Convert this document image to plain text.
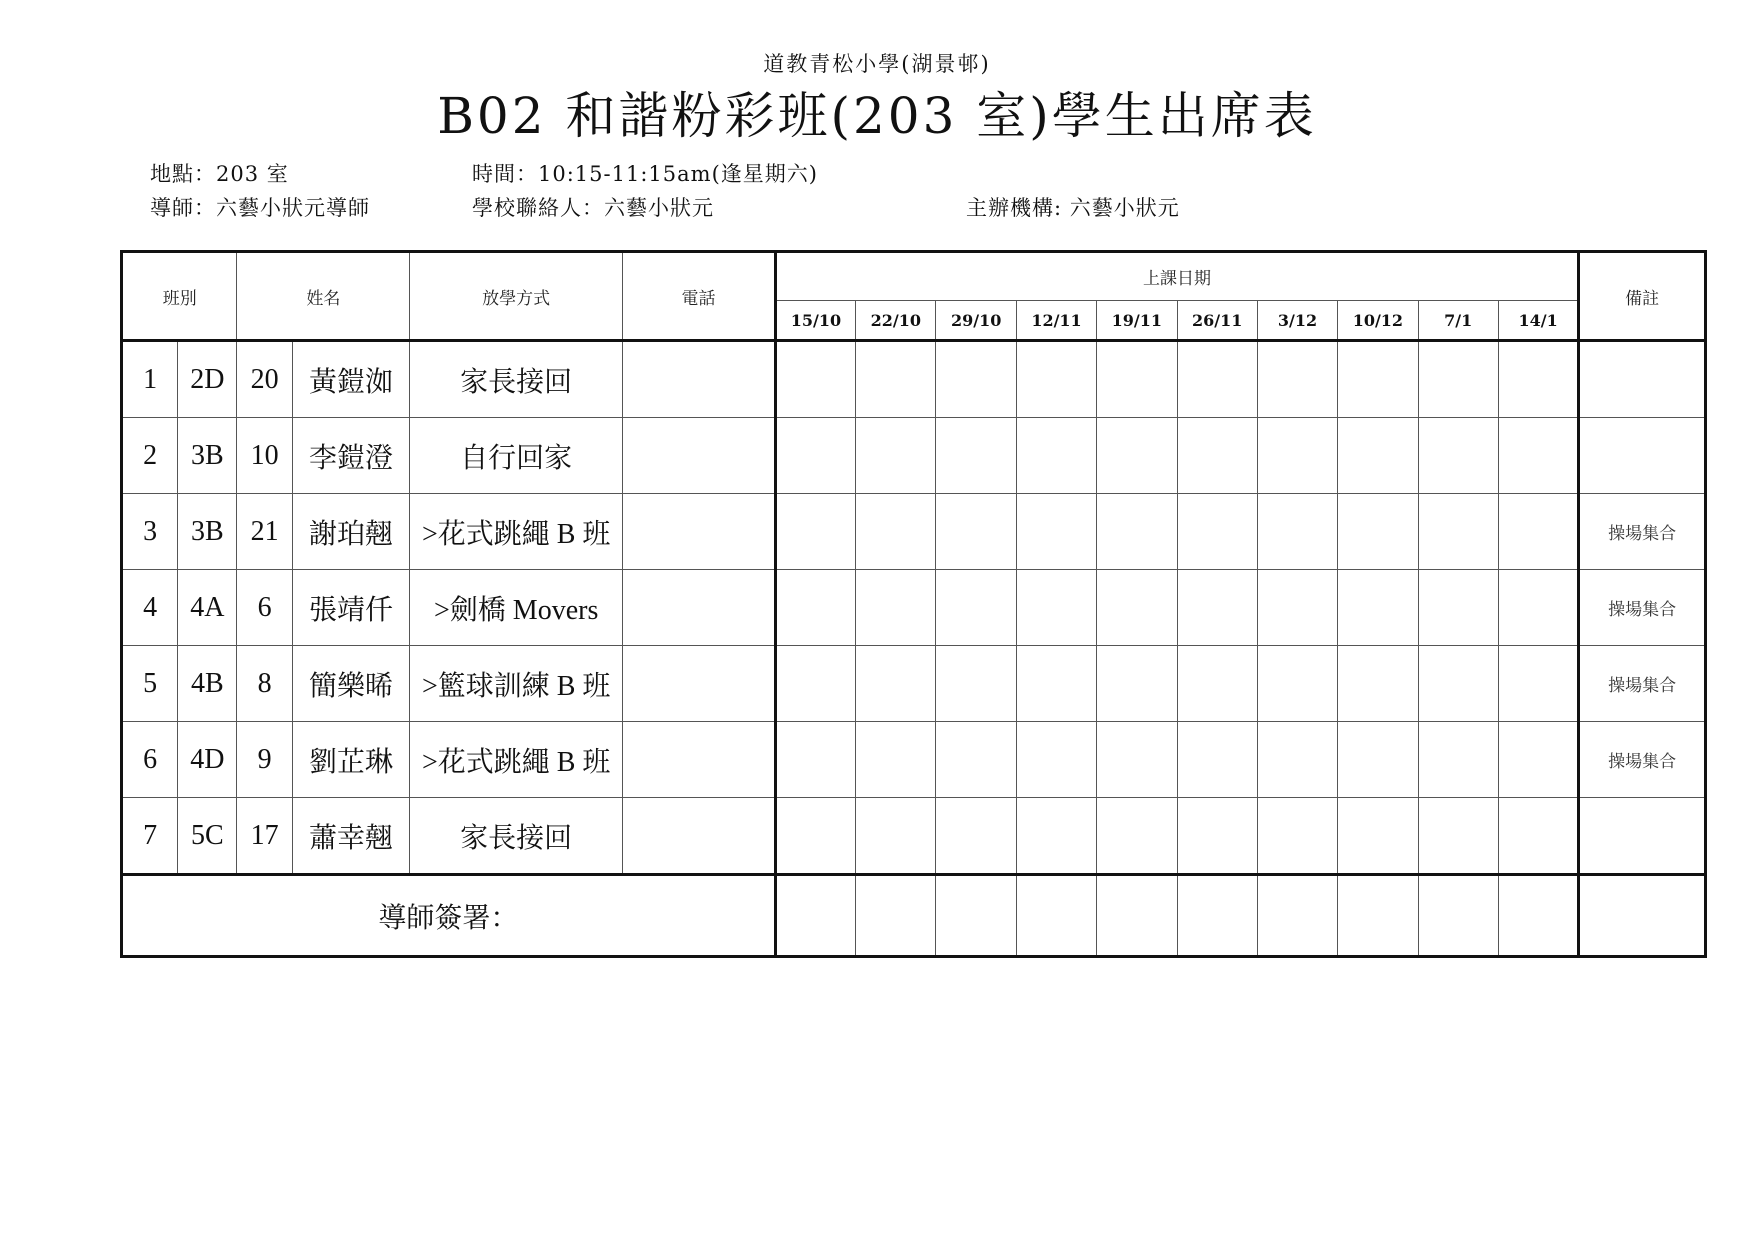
道教青松小學(湖景邨)
B02 和諧粉彩班(203 室)學生出席表
地點：203 室	時間：10:15-11:15am(逢星期六)
導師：六藝小狀元導師	學校聯絡人：六藝小狀元	主辦機構: 六藝小狀元
班別		姓名		放學方式	電話	上課日期										備註
						15/10	22/10	29/10	12/11	19/11	26/11	3/12	10/12	7/1	14/1	
1	2D	20	黃鎧洳	家長接回												
2	3B	10	李鎧澄	自行回家												
3	3B	21	謝珀翹	>花式跳繩 B 班												操場集合
4	4A	6	張靖仟	>劍橋 Movers												操場集合
5	4B	8	簡樂晞	>籃球訓練 B 班												操場集合
6	4D	9	劉芷琳	>花式跳繩 B 班												操場集合
7	5C	17	蕭幸翹	家長接回												
導師簽署：																
